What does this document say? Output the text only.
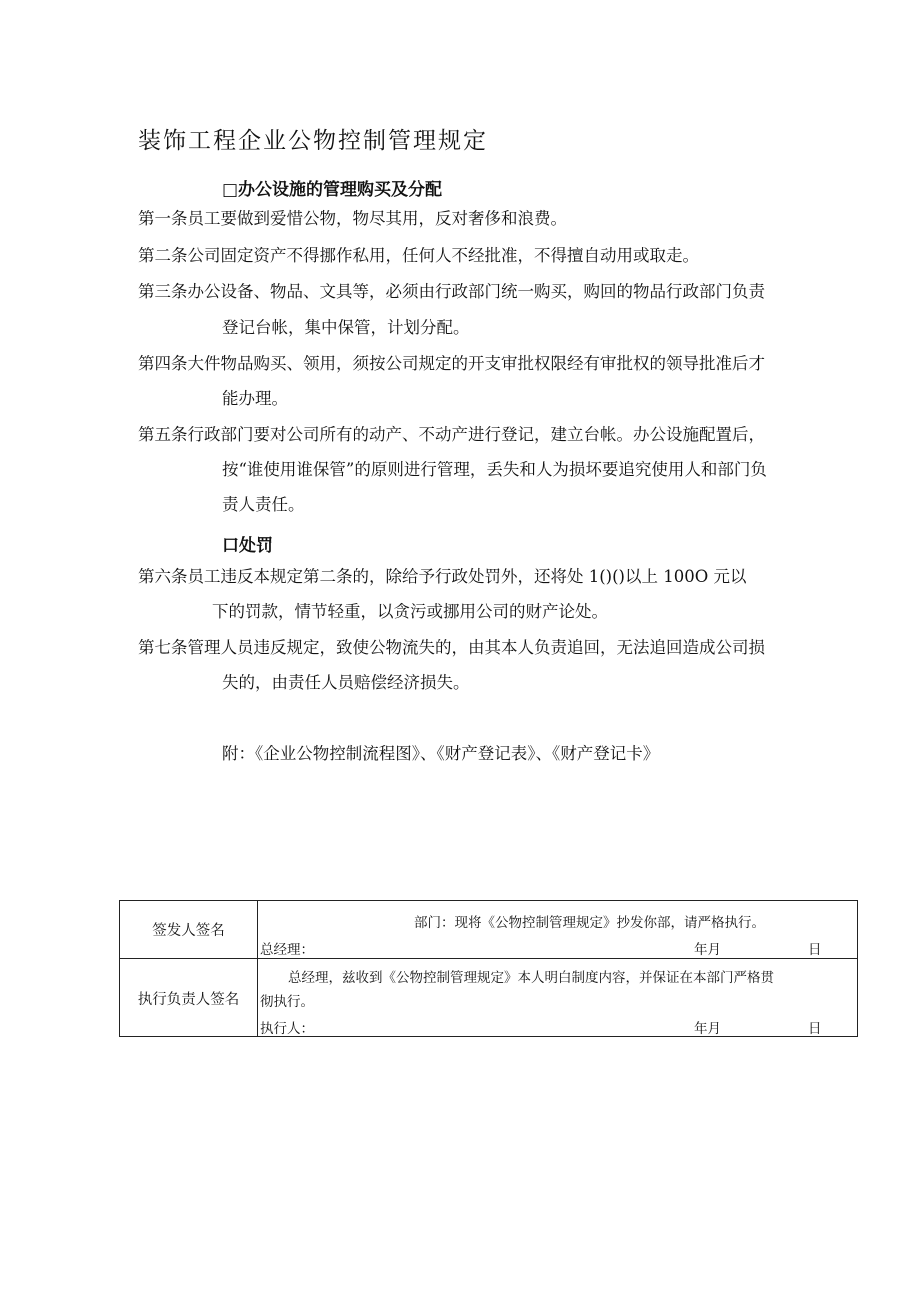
装饰工程企业公物控制管理规定
□办公设施的管理购买及分配
第一条员工要做到爱惜公物，物尽其用，反对奢侈和浪费。
第二条公司固定资产不得挪作私用，任何人不经批准，不得擅自动用或取走。
第三条办公设备、物品、文具等，必须由行政部门统一购买，购回的物品行政部门负责
登记台帐，集中保管，计划分配。
第四条大件物品购买、领用，须按公司规定的开支审批权限经有审批权的领导批准后才
能办理。
第五条行政部门要对公司所有的动产、不动产进行登记，建立台帐。办公设施配置后，
按“谁使用谁保管”的原则进行管理，丢失和人为损坏要追究使用人和部门负
责人责任。
口处罚
第六条员工违反本规定第二条的，除给予行政处罚外，还将处 1()()以上 100O 元以
下的罚款，情节轻重，以贪污或挪用公司的财产论处。
第七条管理人员违反规定，致使公物流失的，由其本人负责追回，无法追回造成公司损
失的，由责任人员赔偿经济损失。
附：《企业公物控制流程图》、《财产登记表》、《财产登记卡》
签发人签名	部门：现将《公物控制管理规定》抄发你部，请严格执行。
总经理：	年月	日
执行负责人签名
总经理，兹收到《公物控制管理规定》本人明白制度内容，并保证在本部门严格贯
彻执行。
执行人：	年月	日
